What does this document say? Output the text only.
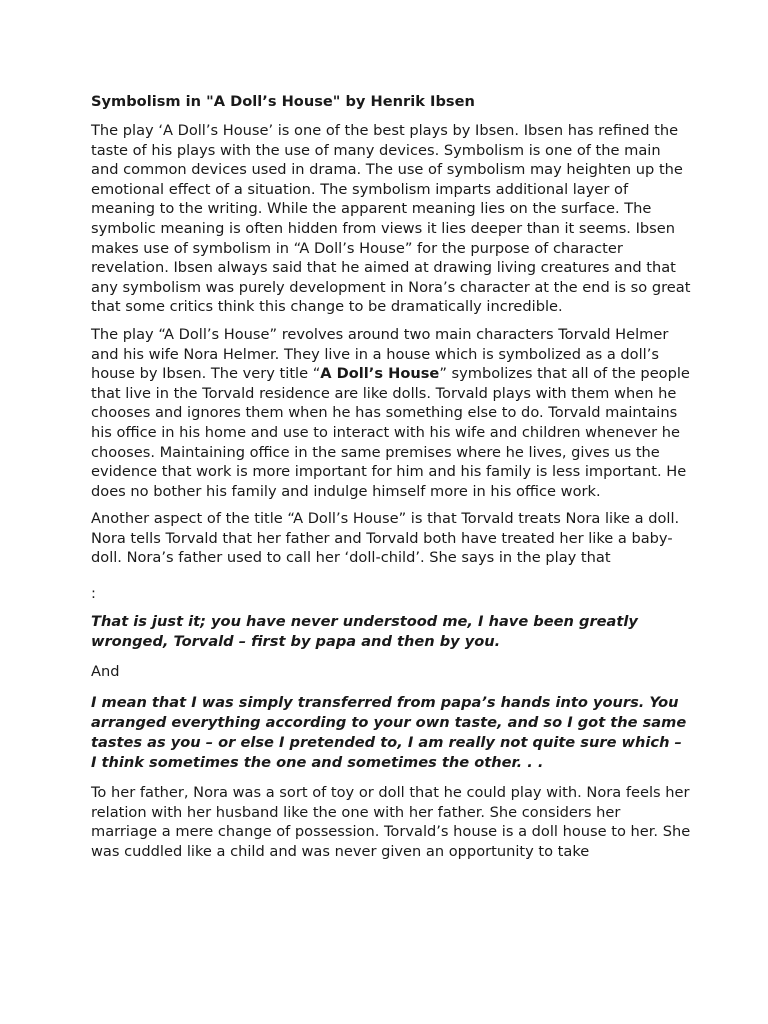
Symbolism in "A Doll’s House" by Henrik Ibsen
The play ‘A Doll’s House’ is one of the best plays by Ibsen. Ibsen has refined the taste of his plays with the use of many devices. Symbolism is one of the main and common devices used in drama. The use of symbolism may heighten up the emotional effect of a situation. The symbolism imparts additional layer of meaning to the writing. While the apparent meaning lies on the surface. The symbolic meaning is often hidden from views it lies deeper than it seems. Ibsen makes use of symbolism in “A Doll’s House” for the purpose of character revelation. Ibsen always said that he aimed at drawing living creatures and that any symbolism was purely development in Nora’s character at the end is so great that some critics think this change to be dramatically incredible.
The play “A Doll’s House” revolves around two main characters Torvald Helmer and his wife Nora Helmer. They live in a house which is symbolized as a doll’s house by Ibsen. The very title “A Doll’s House” symbolizes that all of the people that live in the Torvald residence are like dolls. Torvald plays with them when he chooses and ignores them when he has something else to do. Torvald maintains his office in his home and use to interact with his wife and children whenever he chooses. Maintaining office in the same premises where he lives, gives us the evidence that work is more important for him and his family is less important. He does no bother his family and indulge himself more in his office work.
Another aspect of the title “A Doll’s House” is that Torvald treats Nora like a doll. Nora tells Torvald that her father and Torvald both have treated her like a baby-doll. Nora’s father used to call her ‘doll-child’. She says in the play that
:
That is just it; you have never understood me, I have been greatly wronged, Torvald – first by papa and then by you.
And
I mean that I was simply transferred from papa’s hands into yours. You arranged everything according to your own taste, and so I got the same tastes as you – or else I pretended to, I am really not quite sure which – I think sometimes the one and sometimes the other. . .
To her father, Nora was a sort of toy or doll that he could play with. Nora feels her relation with her husband like the one with her father. She considers her marriage a mere change of possession. Torvald’s house is a doll house to her. She was cuddled like a child and was never given an opportunity to take
